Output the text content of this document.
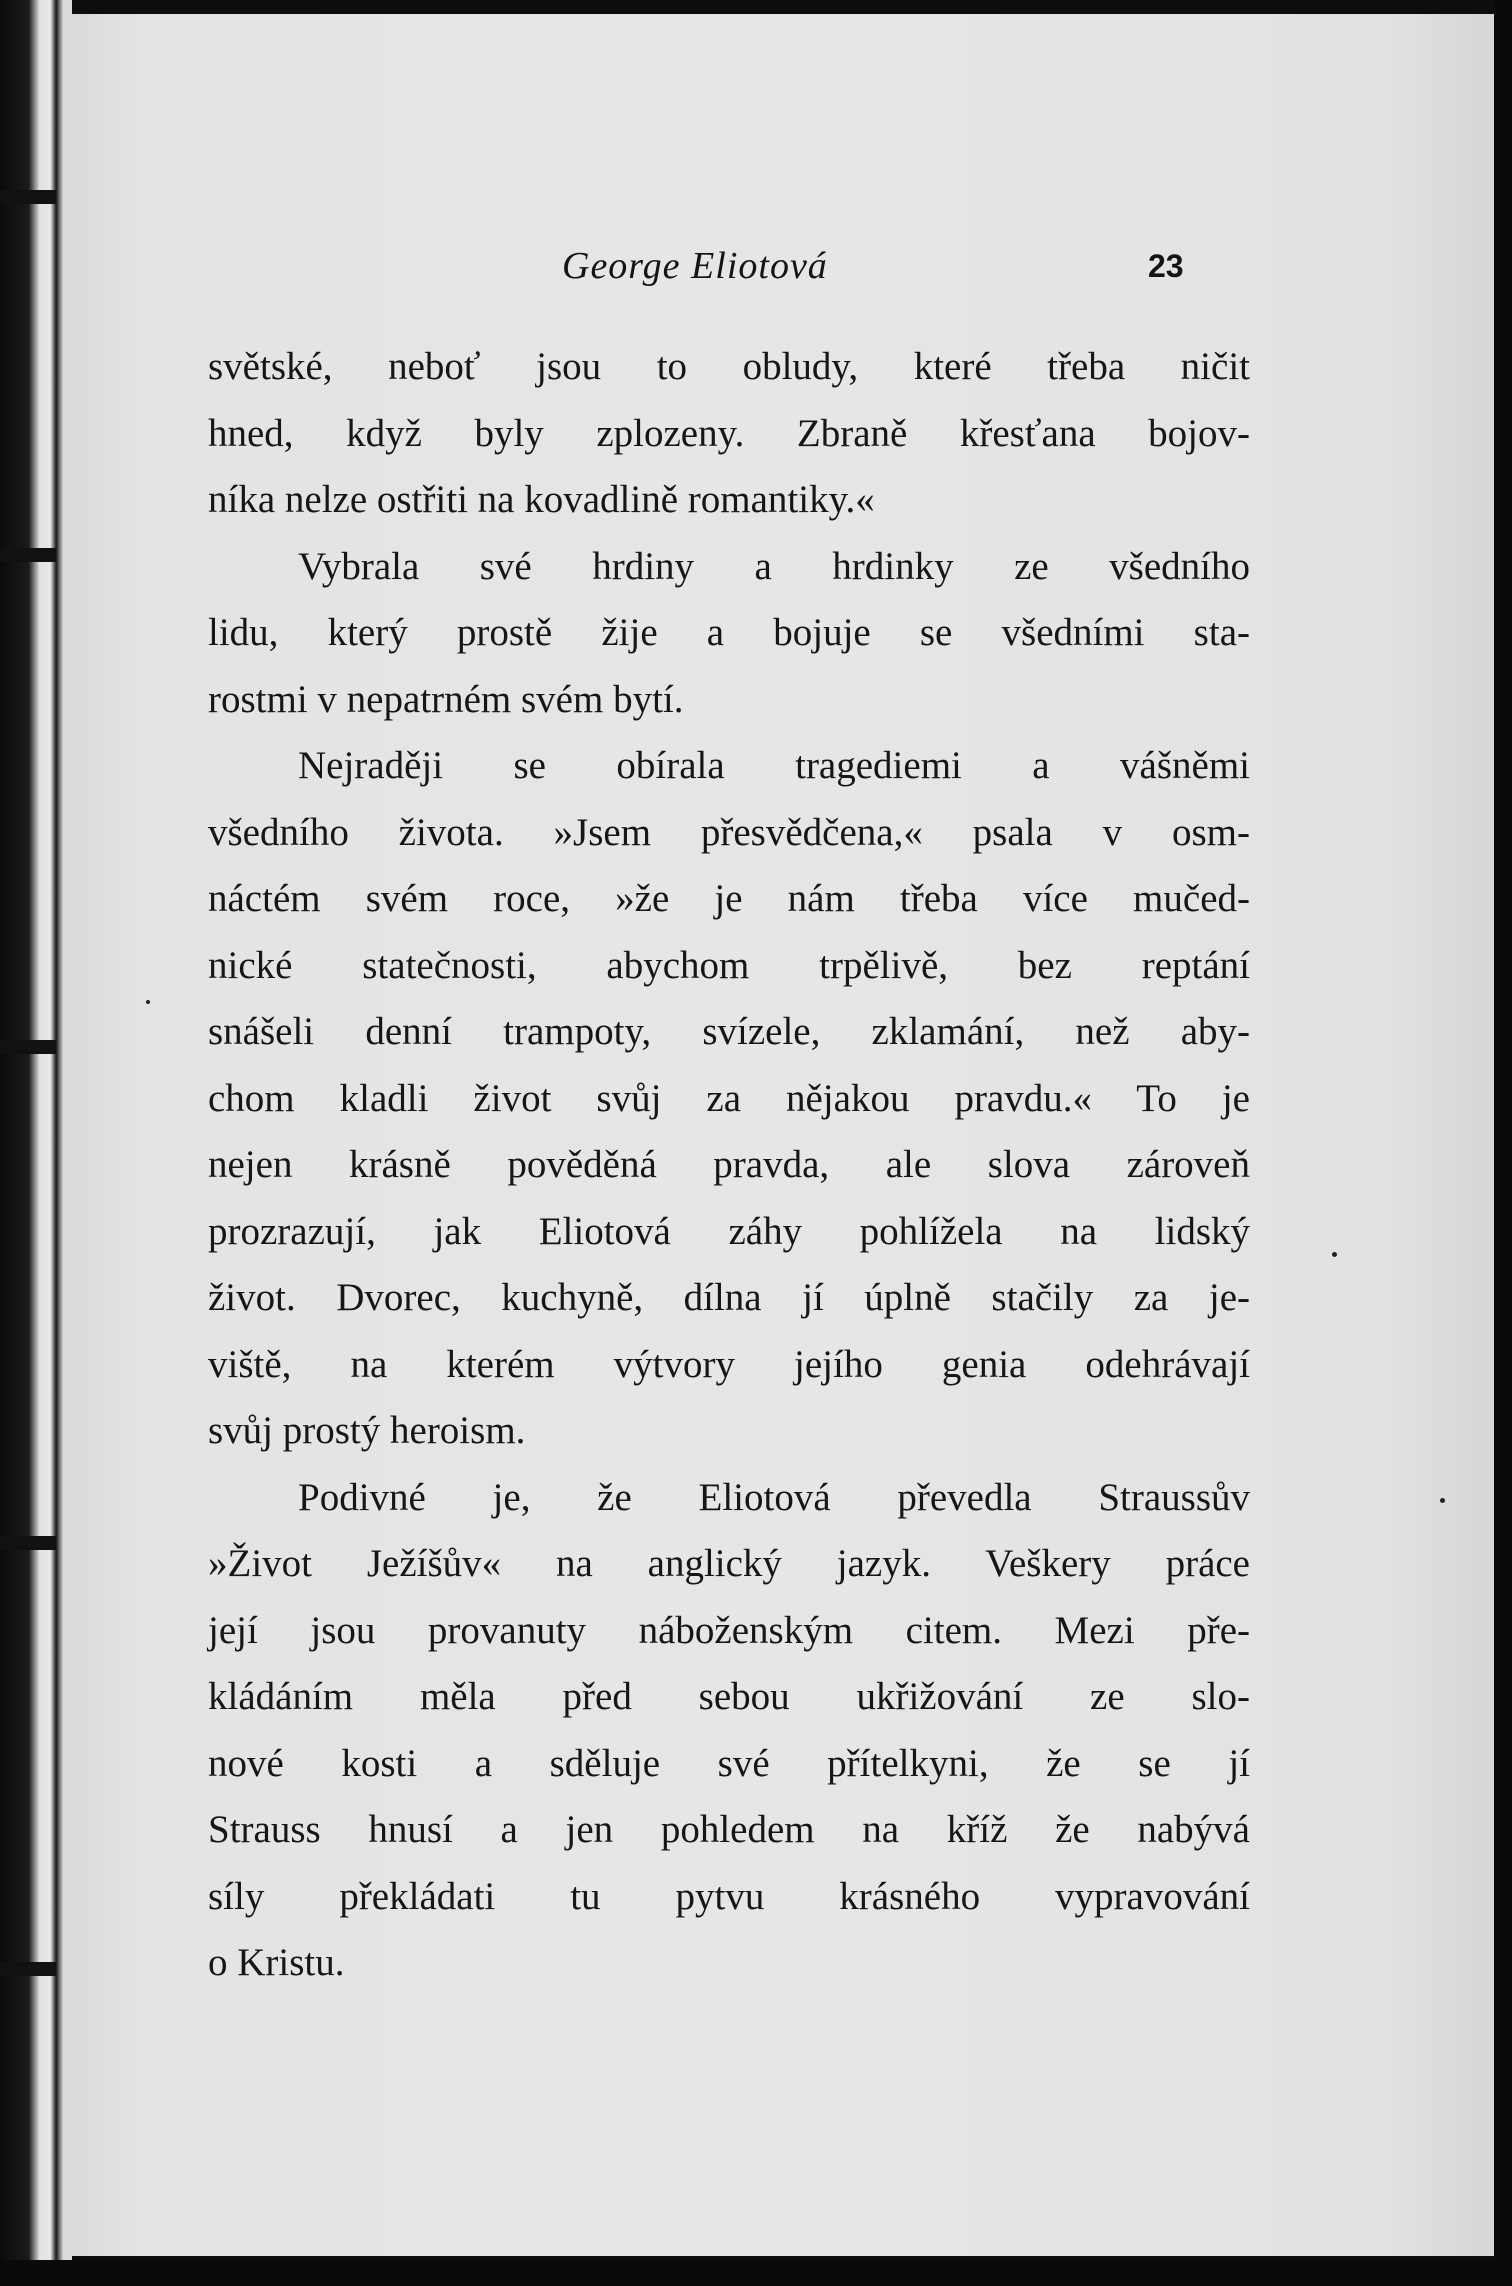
George Eliotová	23
světské, neboť jsou to obludy, které třeba ničit
hned, když byly zplozeny. Zbraně křesťana bojov-
níka nelze ostřiti na kovadlině romantiky.«
Vybrala své hrdiny a hrdinky ze všedního
lidu, který prostě žije a bojuje se všedními sta-
rostmi v nepatrném svém bytí.
Nejraději se obírala tragediemi a vášněmi
všedního života. »Jsem přesvědčena,« psala v osm-
náctém svém roce, »že je nám třeba více mučed-
nické statečnosti, abychom trpělivě, bez reptání
snášeli denní trampoty, svízele, zklamání, než aby-
chom kladli život svůj za nějakou pravdu.« To je
nejen krásně pověděná pravda, ale slova zároveň
prozrazují, jak Eliotová záhy pohlížela na lidský
život. Dvorec, kuchyně, dílna jí úplně stačily za je-
viště, na kterém výtvory jejího genia odehrávají
svůj prostý heroism.
Podivné je, že Eliotová převedla Straussův
»Život Ježíšův« na anglický jazyk. Veškery práce
její jsou provanuty náboženským citem. Mezi pře-
kládáním měla před sebou ukřižování ze slo-
nové kosti a sděluje své přítelkyni, že se jí
Strauss hnusí a jen pohledem na kříž že nabývá
síly překládati tu pytvu krásného vypravování
o Kristu.
